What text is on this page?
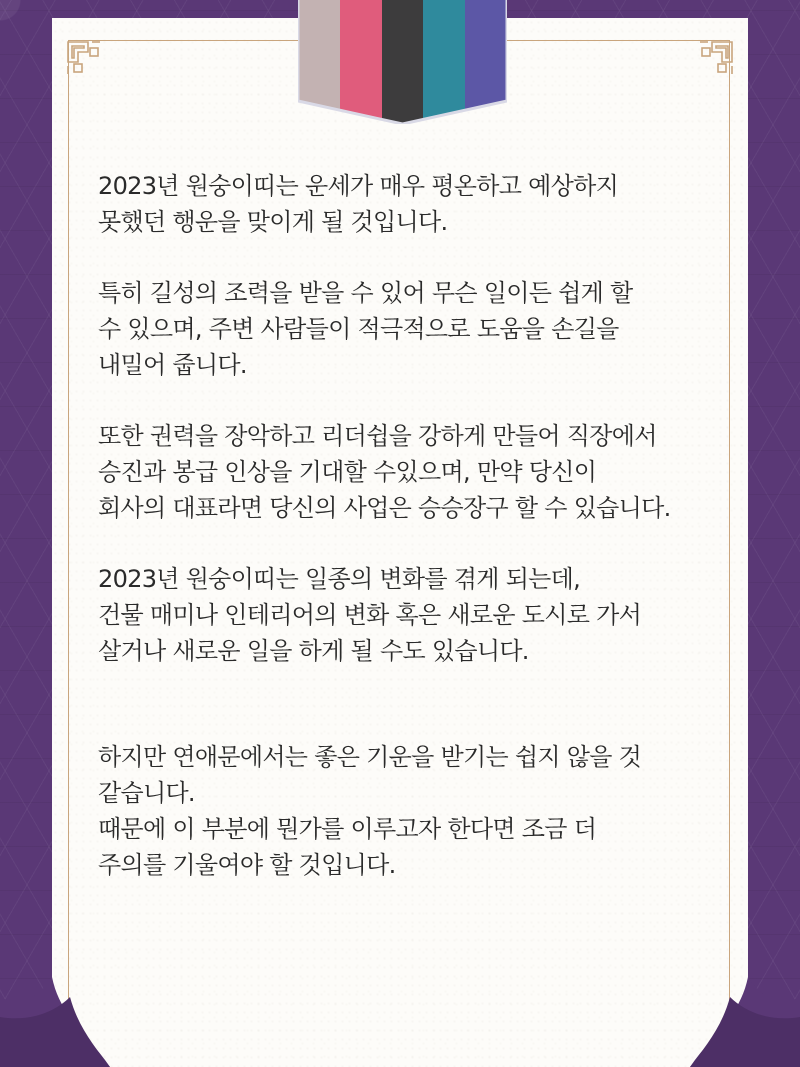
2023년 원숭이띠는 운세가 매우 평온하고 예상하지
못했던 행운을 맞이게 될 것입니다.
특히 길성의 조력을 받을 수 있어 무슨 일이든 쉽게 할
수 있으며, 주변 사람들이 적극적으로 도움을 손길을
내밀어 줍니다.
또한 권력을 장악하고 리더쉽을 강하게 만들어 직장에서
승진과 봉급 인상을 기대할 수있으며, 만약 당신이
회사의 대표라면 당신의 사업은 승승장구 할 수 있습니다.
2023년 원숭이띠는 일종의 변화를 겪게 되는데,
건물 매미나 인테리어의 변화 혹은 새로운 도시로 가서
살거나 새로운 일을 하게 될 수도 있습니다.
하지만 연애문에서는 좋은 기운을 받기는 쉽지 않을 것
같습니다.
때문에 이 부분에 뭔가를 이루고자 한다면 조금 더
주의를 기울여야 할 것입니다.
